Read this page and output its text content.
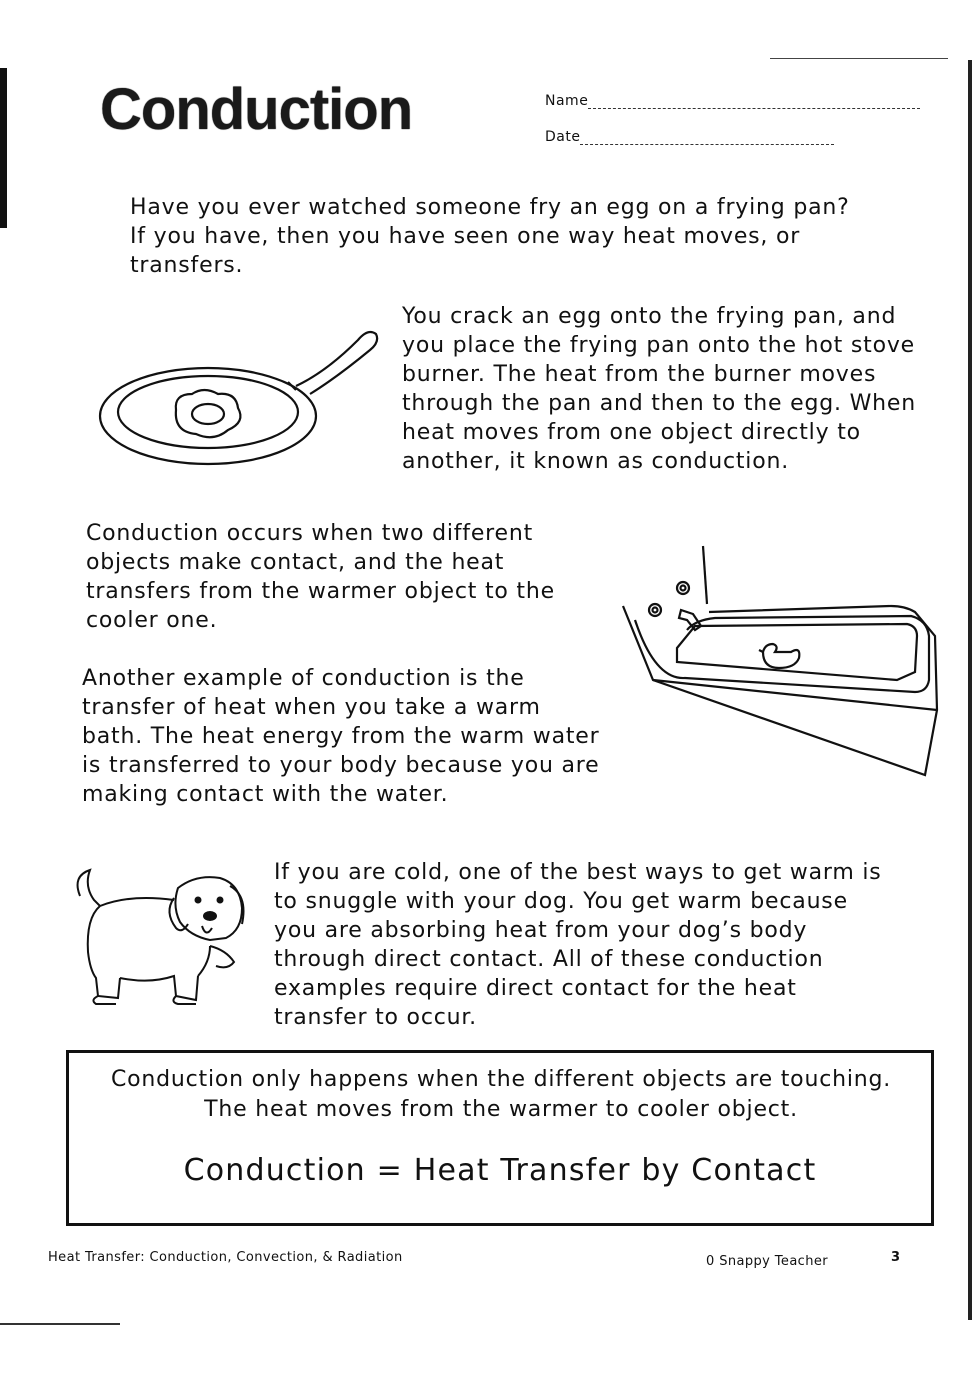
Conduction	Name
Date

Have you ever watched someone fry an egg on a frying pan? If you have, then you have seen one way heat moves, or transfers.

You crack an egg onto the frying pan, and you place the frying pan onto the hot stove burner. The heat from the burner moves through the pan and then to the egg. When heat moves from one object directly to another, it known as conduction.

Conduction occurs when two different objects make contact, and the heat transfers from the warmer object to the cooler one.

Another example of conduction is the transfer of heat when you take a warm bath. The heat energy from the warm water is transferred to your body because you are making contact with the water.

If you are cold, one of the best ways to get warm is to snuggle with your dog. You get warm because you are absorbing heat from your dog’s body through direct contact. All of these conduction examples require direct contact for the heat transfer to occur.

Conduction only happens when the different objects are touching. The heat moves from the warmer to cooler object.

Conduction = Heat Transfer by Contact

Heat Transfer: Conduction, Convection, & Radiation	0 Snappy Teacher	3
